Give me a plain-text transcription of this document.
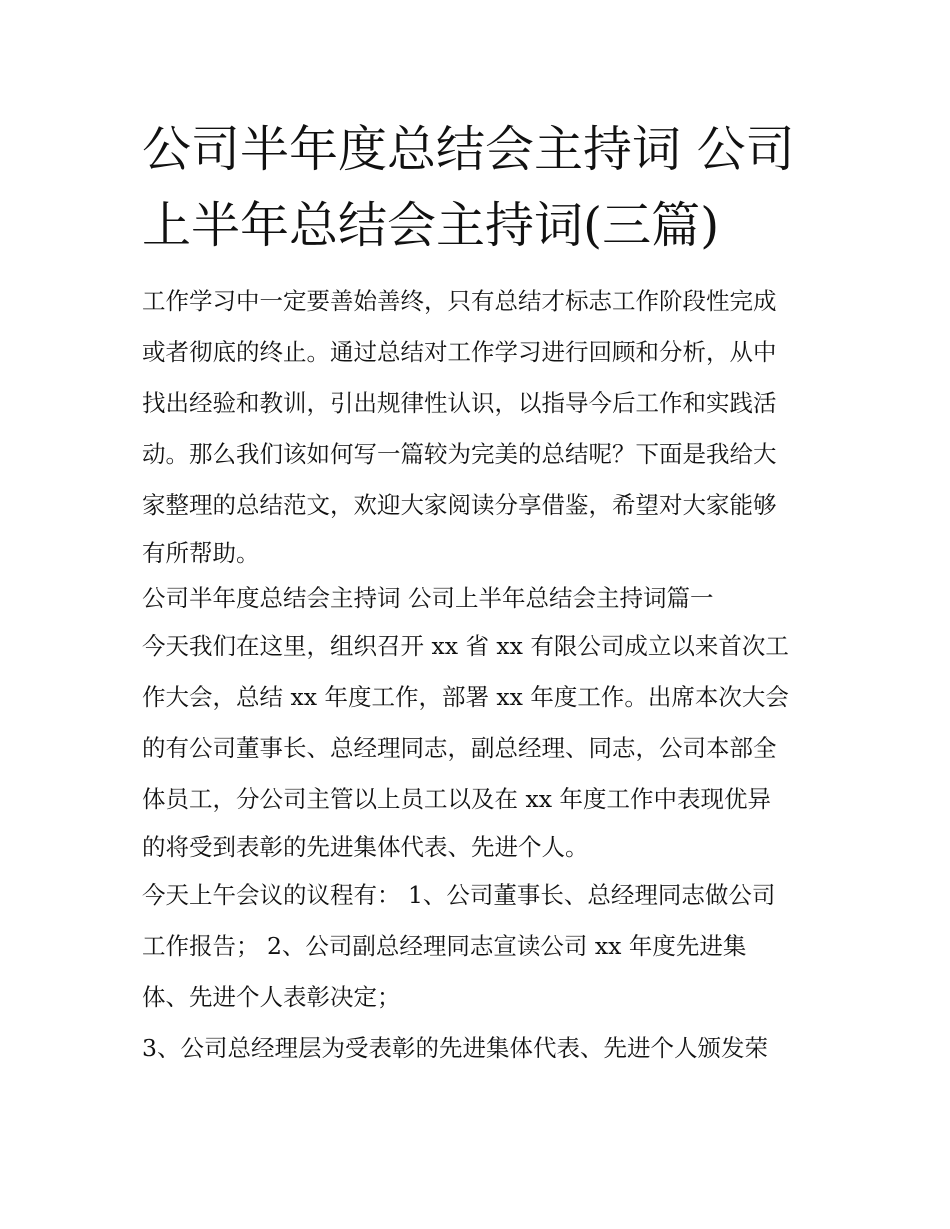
公司半年度总结会主持词 公司
上半年总结会主持词(三篇)
工作学习中一定要善始善终，只有总结才标志工作阶段性完成
或者彻底的终止。通过总结对工作学习进行回顾和分析，从中
找出经验和教训，引出规律性认识，以指导今后工作和实践活
动。那么我们该如何写一篇较为完美的总结呢？下面是我给大
家整理的总结范文，欢迎大家阅读分享借鉴，希望对大家能够
有所帮助。
公司半年度总结会主持词 公司上半年总结会主持词篇一
今天我们在这里，组织召开 xx 省 xx 有限公司成立以来首次工
作大会，总结 xx 年度工作，部署 xx 年度工作。出席本次大会
的有公司董事长、总经理同志，副总经理、同志，公司本部全
体员工，分公司主管以上员工以及在 xx 年度工作中表现优异
的将受到表彰的先进集体代表、先进个人。
今天上午会议的议程有： 1、公司董事长、总经理同志做公司
工作报告； 2、公司副总经理同志宣读公司 xx 年度先进集
体、先进个人表彰决定；
3、公司总经理层为受表彰的先进集体代表、先进个人颁发荣
